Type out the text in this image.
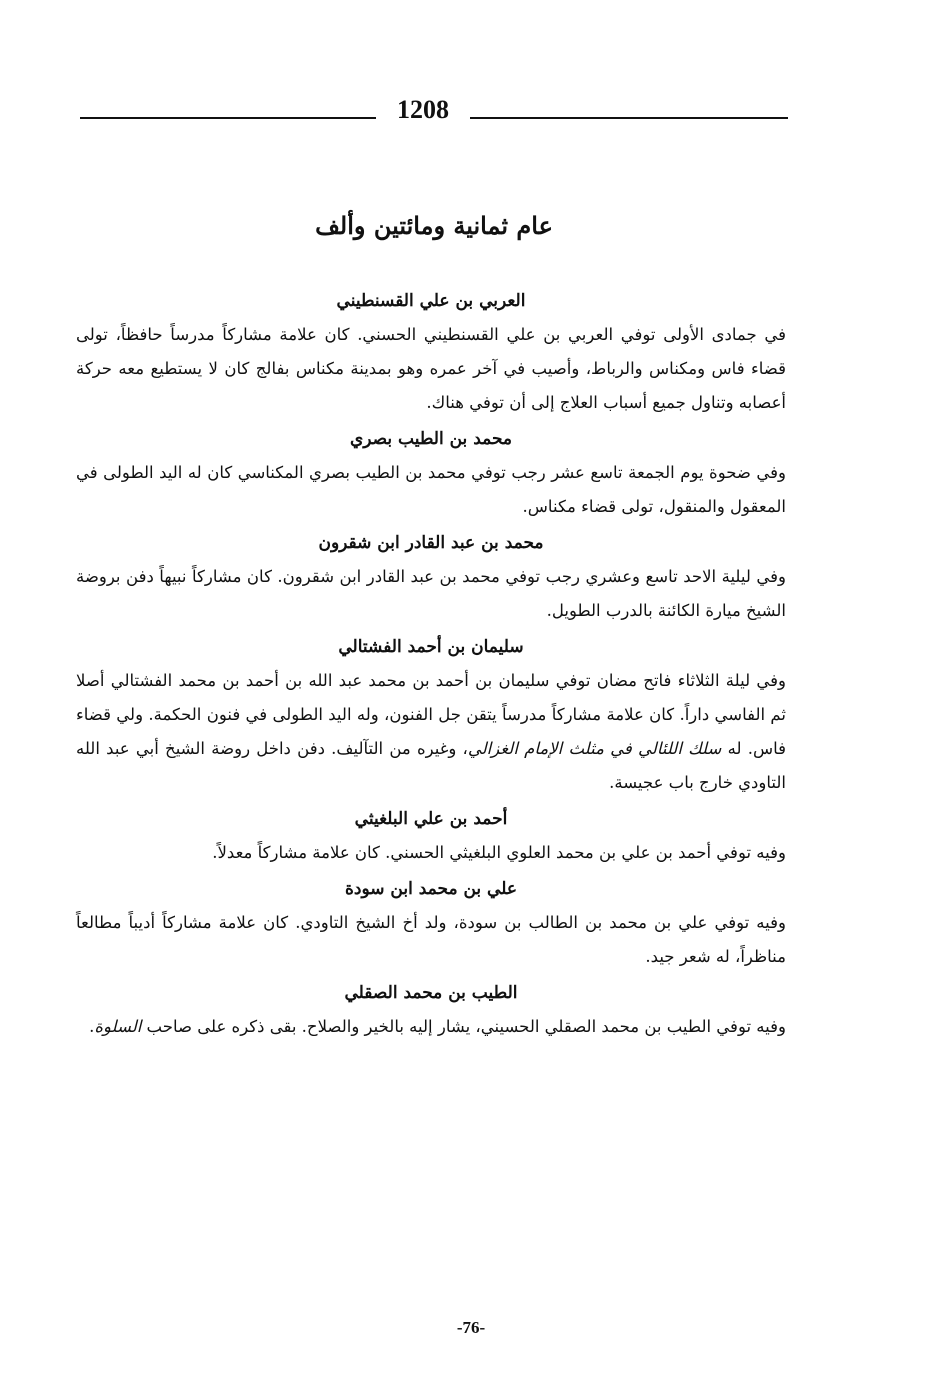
1208
عام ثمانية ومائتين وألف

العربي بن علي القسنطيني

في جمادى الأولى توفي العربي بن علي القسنطيني الحسني. كان علامة مشاركاً مدرساً حافظاً، تولى قضاء فاس ومكناس والرباط، وأصيب في آخر عمره وهو بمدينة مكناس بفالج كان لا يستطيع معه حركة أعصابه وتناول جميع أسباب العلاج إلى أن توفي هناك.

محمد بن الطيب بصري

وفي ضحوة يوم الجمعة تاسع عشر رجب توفي محمد بن الطيب بصري المكناسي كان له اليد الطولى في المعقول والمنقول، تولى قضاء مكناس.

محمد بن عبد القادر ابن شقرون

وفي ليلية الاحد تاسع وعشري رجب توفي محمد بن عبد القادر ابن شقرون. كان مشاركاً نبيهاً دفن بروضة الشيخ ميارة الكائنة بالدرب الطويل.

سليمان بن أحمد الفشتالي

وفي ليلة الثلاثاء فاتح مضان توفي سليمان بن أحمد بن محمد عبد الله بن أحمد بن محمد الفشتالي أصلا ثم الفاسي داراً. كان علامة مشاركاً مدرساً يتقن جل الفنون، وله اليد الطولى في فنون الحكمة. ولي قضاء فاس. له سلك اللئالي في مثلث الإمام الغزالي، وغيره من التآليف. دفن داخل روضة الشيخ أبي عبد الله التاودي خارج باب عجيسة.

أحمد بن علي البلغيثي

وفيه توفي أحمد بن علي بن محمد العلوي البلغيثي الحسني. كان علامة مشاركاً معدلاً.

علي بن محمد ابن سودة

وفيه توفي علي بن محمد بن الطالب بن سودة، ولد أخ الشيخ التاودي. كان علامة مشاركاً أديباً مطالعاً مناظراً، له شعر جيد.

الطيب بن محمد الصقلي

وفيه توفي الطيب بن محمد الصقلي الحسيني، يشار إليه بالخير والصلاح. بقى ذكره على صاحب السلوة.

-76-
